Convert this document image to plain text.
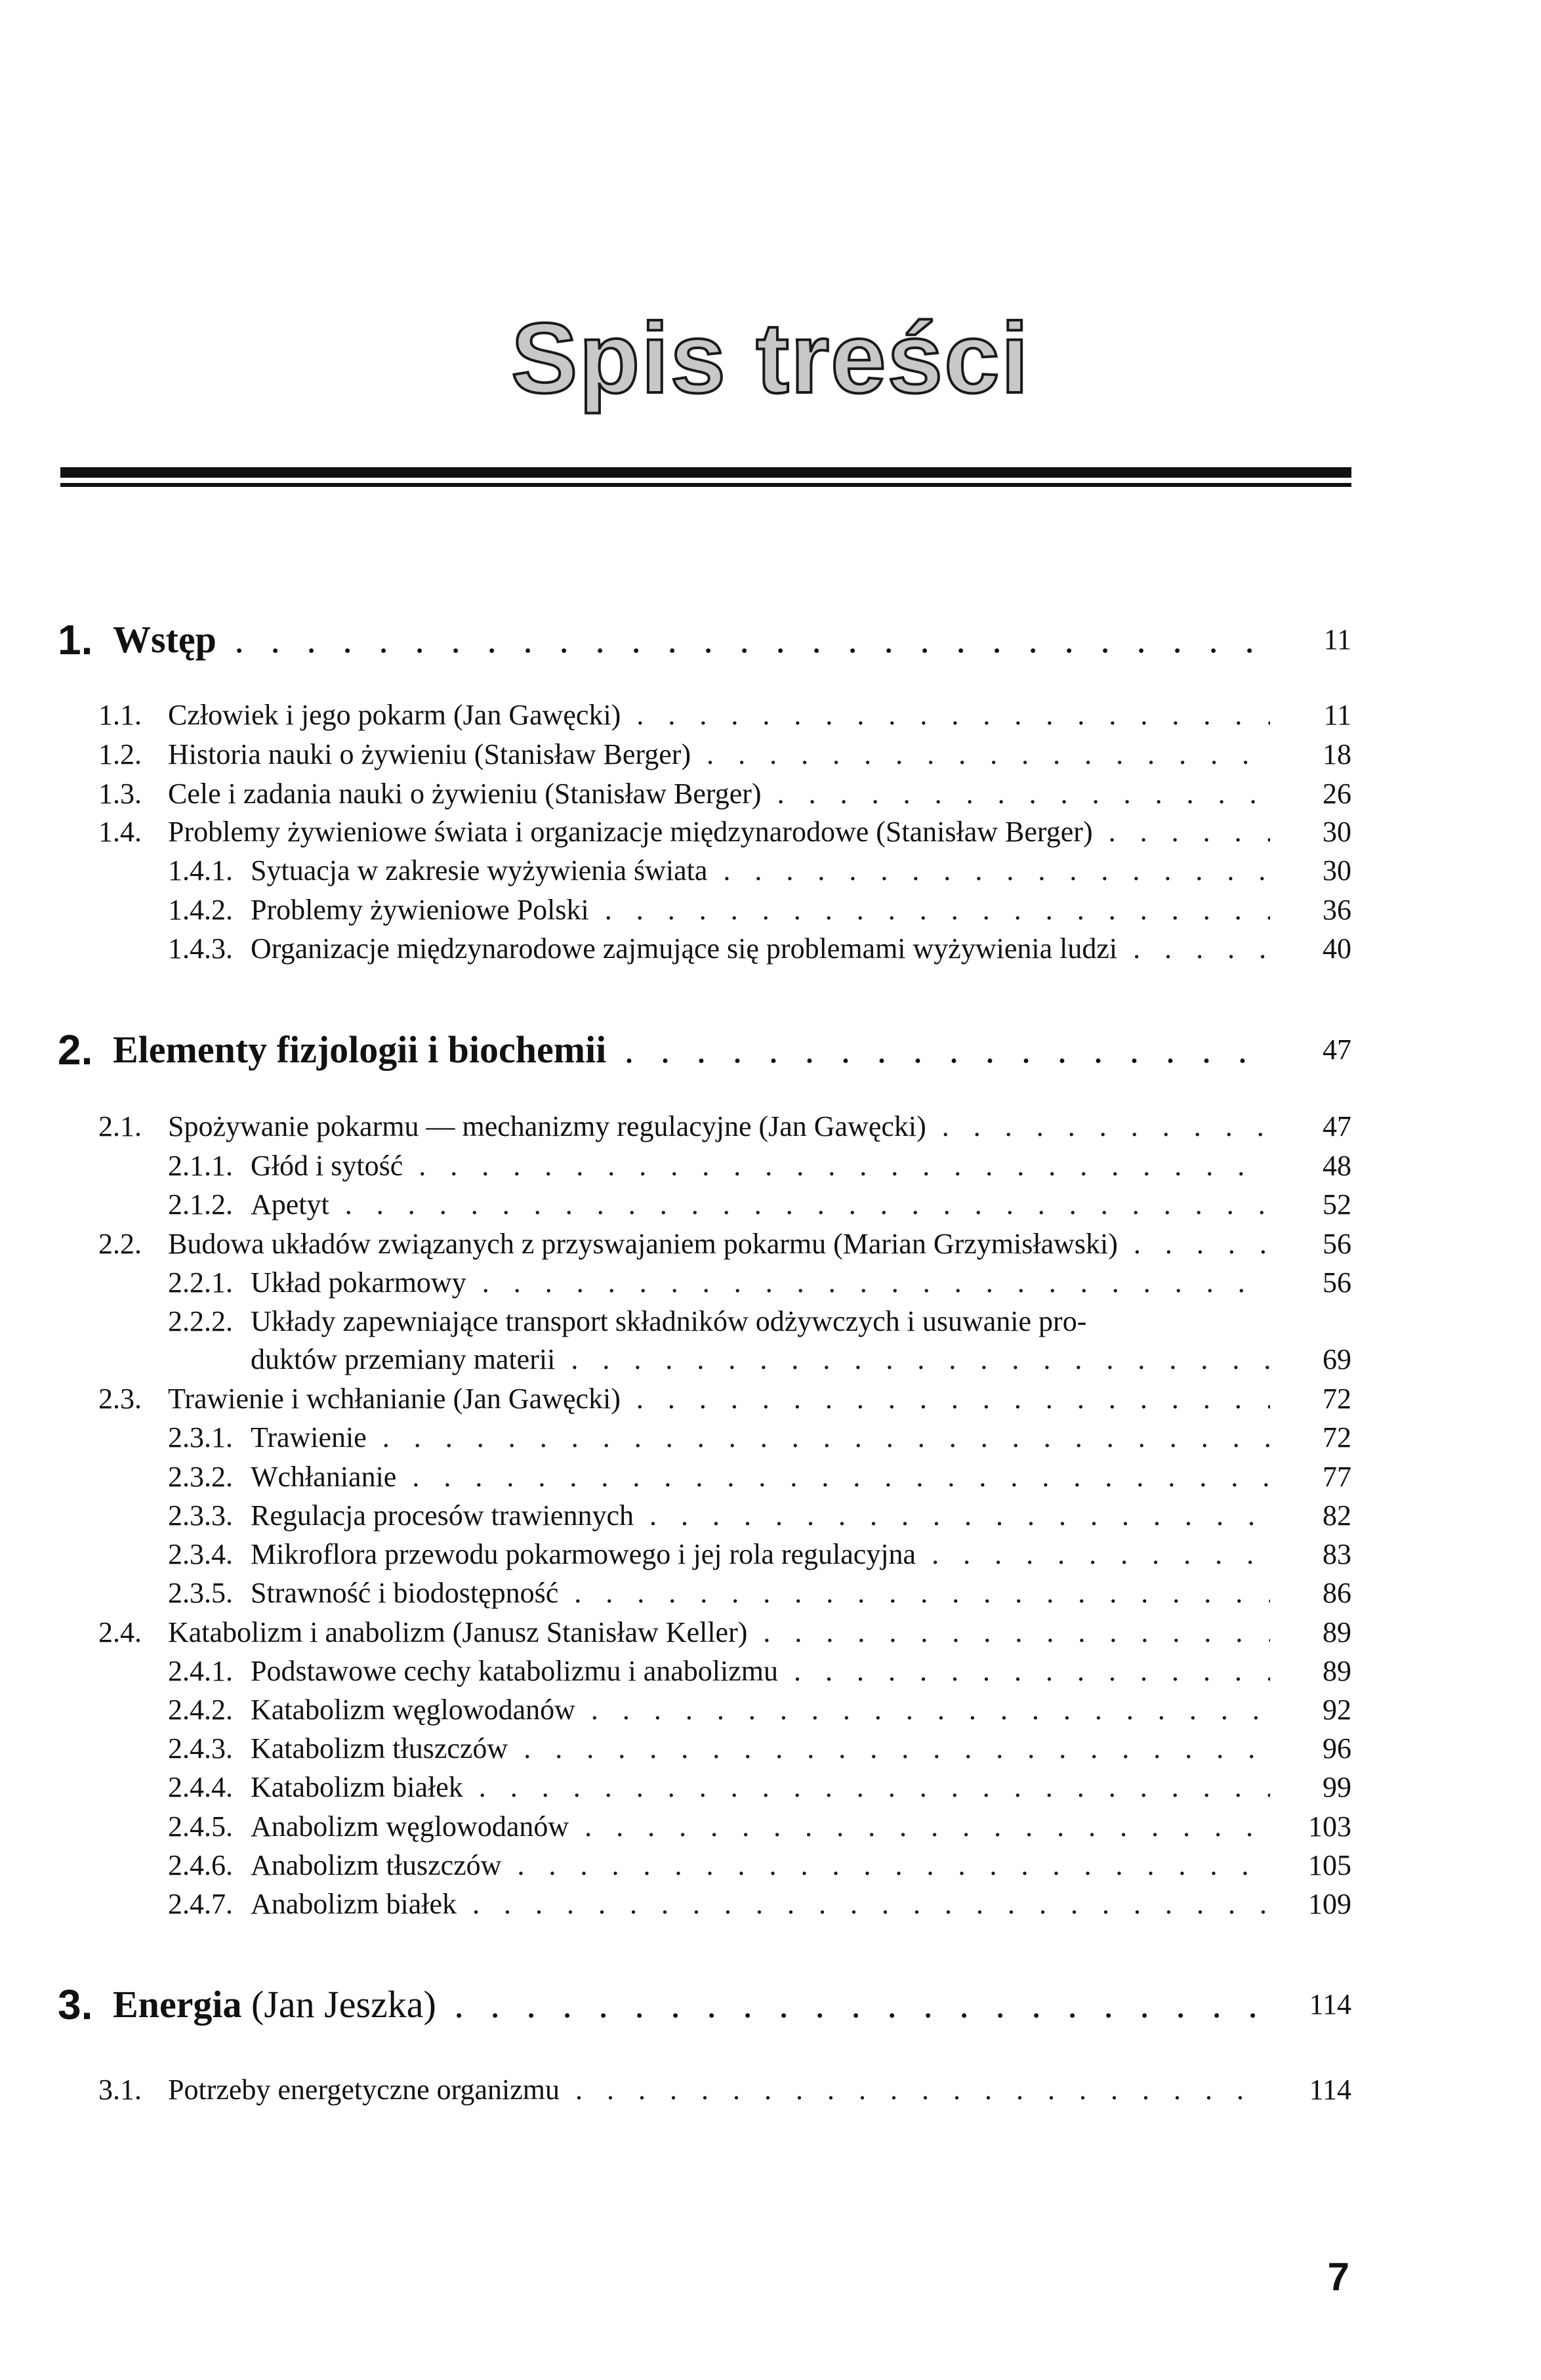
Spis treści
1. Wstęp . . .	11
1.1. Człowiek i jego pokarm (Jan Gawęcki) . . .	11
1.2. Historia nauki o żywieniu (Stanisław Berger) . . .	18
1.3. Cele i zadania nauki o żywieniu (Stanisław Berger) . . .	26
1.4. Problemy żywieniowe świata i organizacje międzynarodowe (Stanisław Berger) . . .	30
1.4.1. Sytuacja w zakresie wyżywienia świata . . .	30
1.4.2. Problemy żywieniowe Polski . . .	36
1.4.3. Organizacje międzynarodowe zajmujące się problemami wyżywienia ludzi . . .	40
2. Elementy fizjologii i biochemii . . .	47
2.1. Spożywanie pokarmu — mechanizmy regulacyjne (Jan Gawęcki) . . .	47
2.1.1. Głód i sytość . . .	48
2.1.2. Apetyt . . .	52
2.2. Budowa układów związanych z przyswajaniem pokarmu (Marian Grzymisławski) . . .	56
2.2.1. Układ pokarmowy . . .	56
2.2.2. Układy zapewniające transport składników odżywczych i usuwanie pro-
duktów przemiany materii . . .	69
2.3. Trawienie i wchłanianie (Jan Gawęcki) . . .	72
2.3.1. Trawienie . . .	72
2.3.2. Wchłanianie . . .	77
2.3.3. Regulacja procesów trawiennych . . .	82
2.3.4. Mikroflora przewodu pokarmowego i jej rola regulacyjna . . .	83
2.3.5. Strawność i biodostępność . . .	86
2.4. Katabolizm i anabolizm (Janusz Stanisław Keller) . . .	89
2.4.1. Podstawowe cechy katabolizmu i anabolizmu . . .	89
2.4.2. Katabolizm węglowodanów . . .	92
2.4.3. Katabolizm tłuszczów . . .	96
2.4.4. Katabolizm białek . . .	99
2.4.5. Anabolizm węglowodanów . . .	103
2.4.6. Anabolizm tłuszczów . . .	105
2.4.7. Anabolizm białek . . .	109
3. Energia (Jan Jeszka) . . .	114
3.1. Potrzeby energetyczne organizmu . . .	114
7
